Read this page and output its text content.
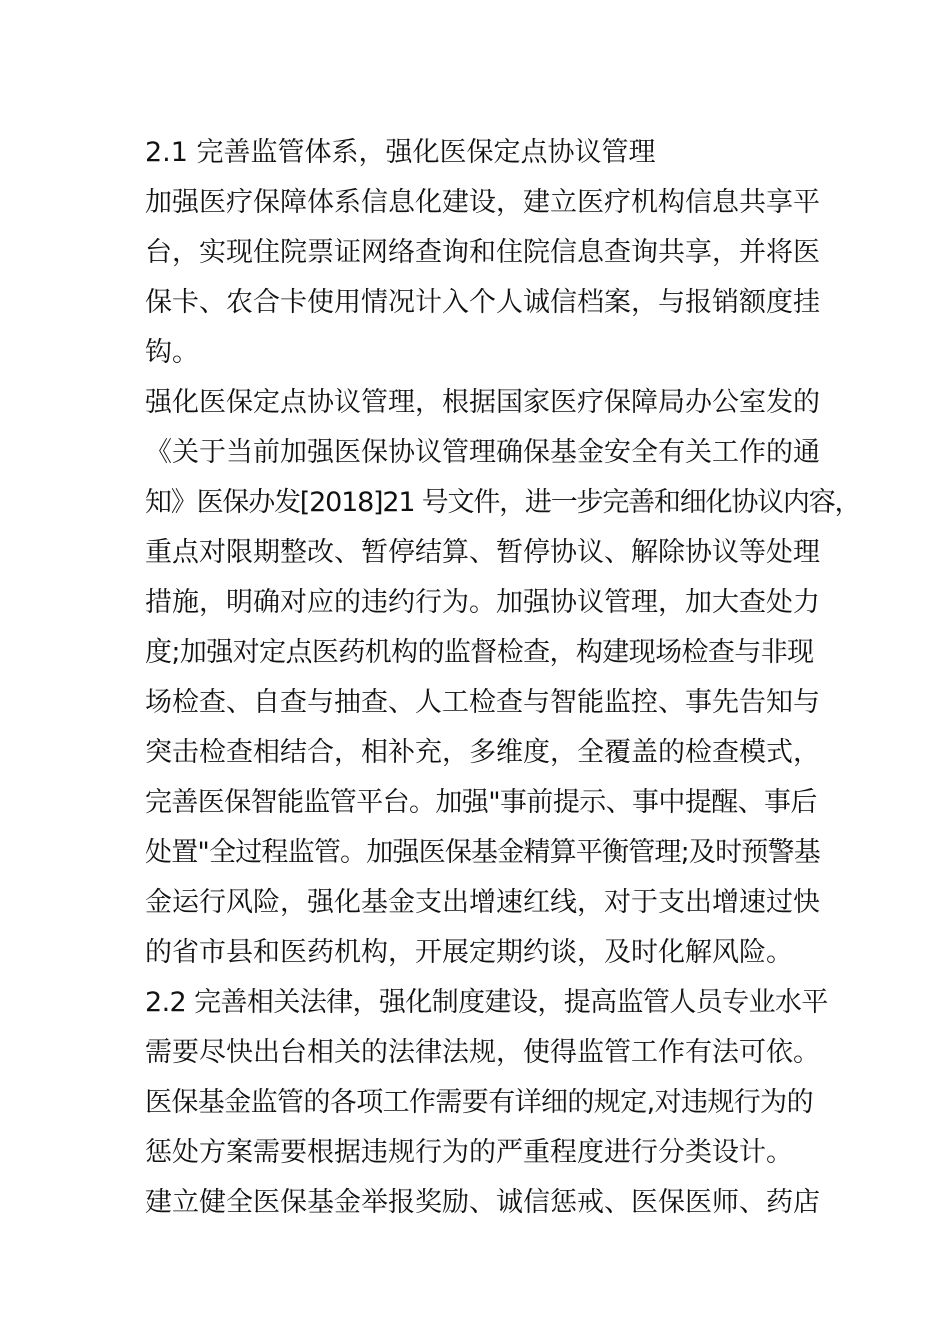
2.1 完善监管体系，强化医保定点协议管理
加强医疗保障体系信息化建设，建立医疗机构信息共享平
台，实现住院票证网络查询和住院信息查询共享，并将医
保卡、农合卡使用情况计入个人诚信档案，与报销额度挂
钩。
强化医保定点协议管理，根据国家医疗保障局办公室发的
《关于当前加强医保协议管理确保基金安全有关工作的通
知》医保办发[2018]21 号文件，进一步完善和细化协议内容，
重点对限期整改、暂停结算、暂停协议、解除协议等处理
措施，明确对应的违约行为。加强协议管理，加大查处力
度;加强对定点医药机构的监督检查，构建现场检查与非现
场检查、自查与抽查、人工检查与智能监控、事先告知与
突击检查相结合，相补充，多维度，全覆盖的检查模式，
完善医保智能监管平台。加强"事前提示、事中提醒、事后
处置"全过程监管。加强医保基金精算平衡管理;及时预警基
金运行风险，强化基金支出增速红线，对于支出增速过快
的省市县和医药机构，开展定期约谈，及时化解风险。
2.2 完善相关法律，强化制度建设，提高监管人员专业水平
需要尽快出台相关的法律法规，使得监管工作有法可依。
医保基金监管的各项工作需要有详细的规定,对违规行为的
惩处方案需要根据违规行为的严重程度进行分类设计。
建立健全医保基金举报奖励、诚信惩戒、医保医师、药店
